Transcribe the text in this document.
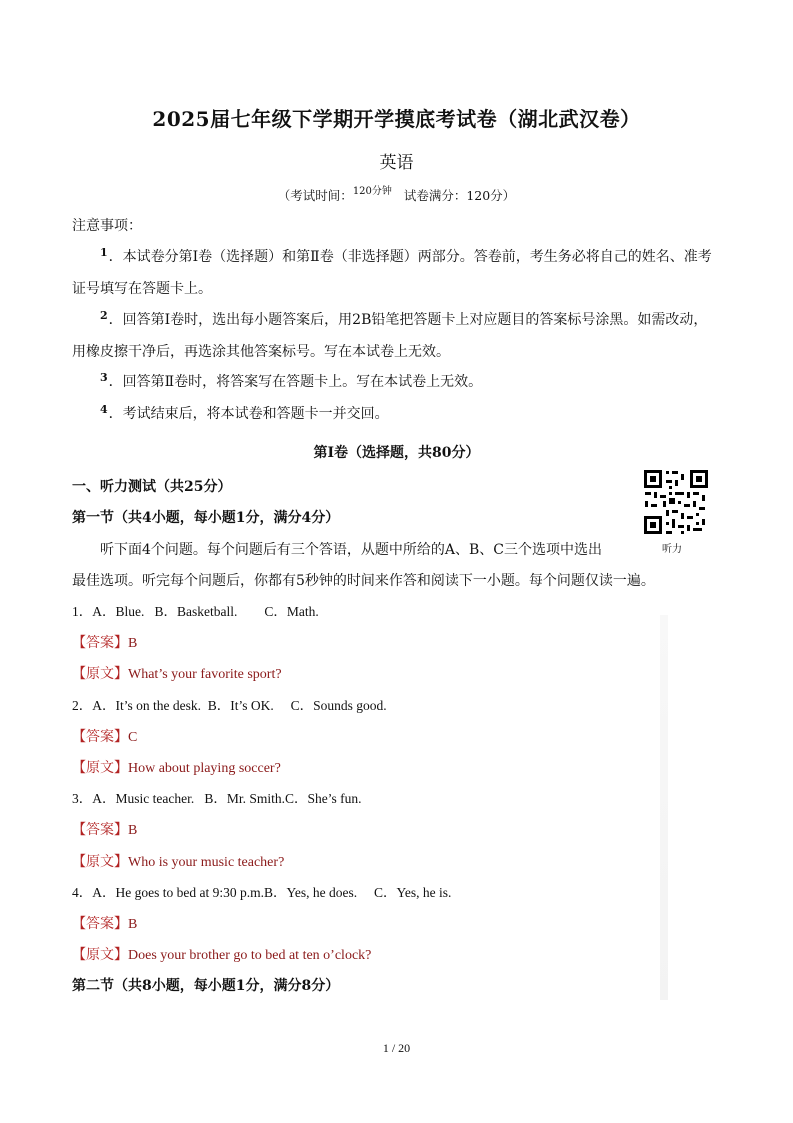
2025届七年级下学期开学摸底考试卷（湖北武汉卷）
英语
（考试时间：$^{120分钟}$ 试卷满分：120分）
注意事项：
$^1$．本试卷分第Ⅰ卷（选择题）和第Ⅱ卷（非选择题）两部分。答卷前，考生务必将自己的姓名、准考
证号填写在答题卡上。
$^2$．回答第Ⅰ卷时，选出每小题答案后，用2B铅笔把答题卡上对应题目的答案标号涂黑。如需改动，
用橡皮擦干净后，再选涂其他答案标号。写在本试卷上无效。
$^3$．回答第Ⅱ卷时，将答案写在答题卡上。写在本试卷上无效。
$^4$．考试结束后，将本试卷和答题卡一并交回。
第Ⅰ卷（选择题，共80分）
一、听力测试（共25分）
第一节（共4小题，每小题1分，满分4分）
听力
听下面4个问题。每个问题后有三个答语，从题中所给的A、B、C三个选项中选出
最佳选项。听完每个问题后，你都有5秒钟的时间来作答和阅读下一小题。每个问题仅读一遍。
1．A．Blue.   B．Basketball.        C．Math.
【答案】B
【原文】What’s your favorite sport?
2．A．It’s on the desk.  B．It’s OK.     C．Sounds good.
【答案】C
【原文】How about playing soccer?
3．A．Music teacher.   B．Mr. Smith.C．She’s fun.
【答案】B
【原文】Who is your music teacher?
4．A．He goes to bed at 9:30 p.m.B．Yes, he does.     C．Yes, he is.
【答案】B
【原文】Does your brother go to bed at ten o’clock?
第二节（共8小题，每小题1分，满分8分）
1 / 20
